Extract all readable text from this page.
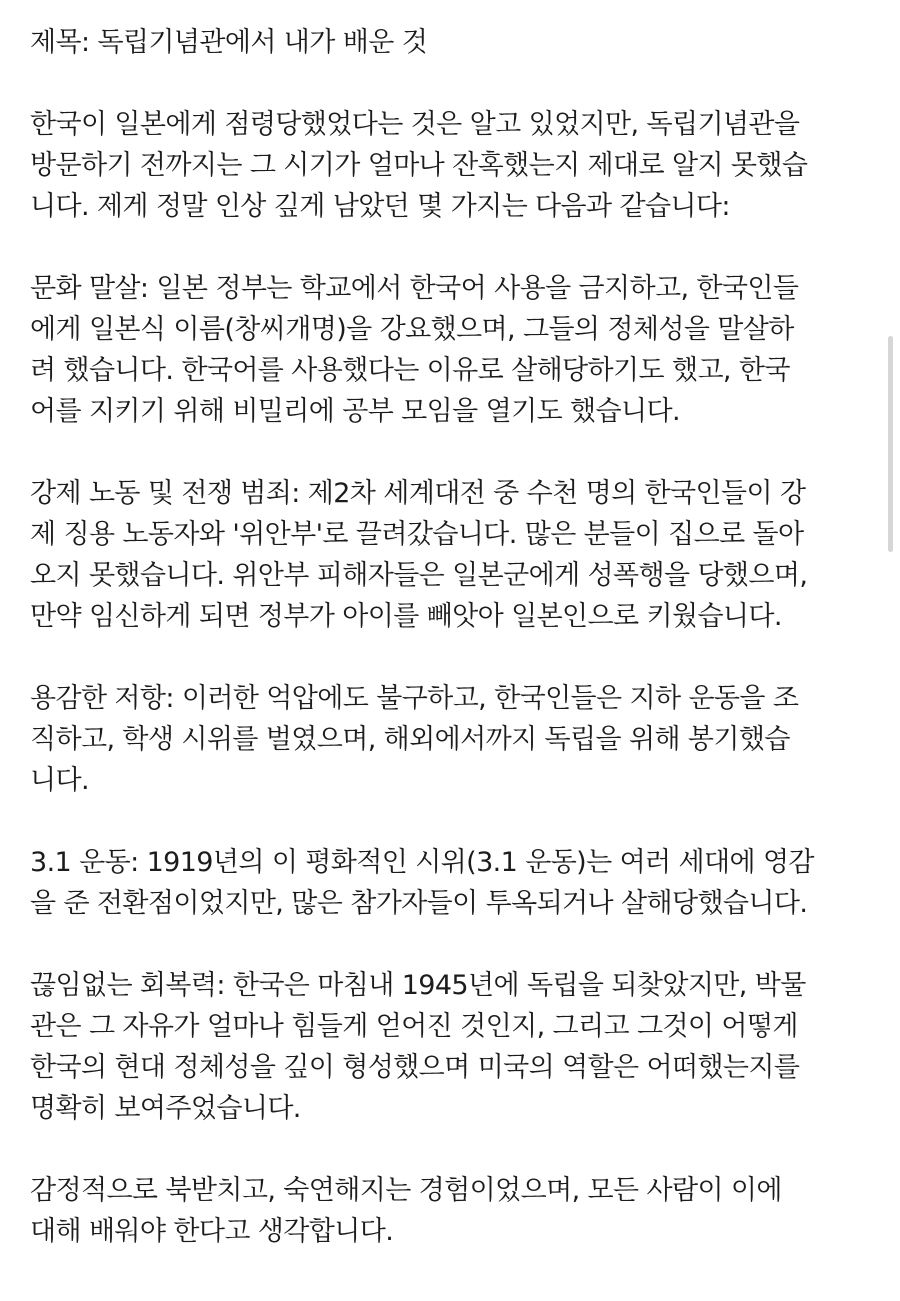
제목: 독립기념관에서 내가 배운 것
한국이 일본에게 점령당했었다는 것은 알고 있었지만, 독립기념관을
방문하기 전까지는 그 시기가 얼마나 잔혹했는지 제대로 알지 못했습
니다. 제게 정말 인상 깊게 남았던 몇 가지는 다음과 같습니다:
문화 말살: 일본 정부는 학교에서 한국어 사용을 금지하고, 한국인들
에게 일본식 이름(창씨개명)을 강요했으며, 그들의 정체성을 말살하
려 했습니다. 한국어를 사용했다는 이유로 살해당하기도 했고, 한국
어를 지키기 위해 비밀리에 공부 모임을 열기도 했습니다.
강제 노동 및 전쟁 범죄: 제2차 세계대전 중 수천 명의 한국인들이 강
제 징용 노동자와 '위안부'로 끌려갔습니다. 많은 분들이 집으로 돌아
오지 못했습니다. 위안부 피해자들은 일본군에게 성폭행을 당했으며,
만약 임신하게 되면 정부가 아이를 빼앗아 일본인으로 키웠습니다.
용감한 저항: 이러한 억압에도 불구하고, 한국인들은 지하 운동을 조
직하고, 학생 시위를 벌였으며, 해외에서까지 독립을 위해 봉기했습
니다.
3.1 운동: 1919년의 이 평화적인 시위(3.1 운동)는 여러 세대에 영감
을 준 전환점이었지만, 많은 참가자들이 투옥되거나 살해당했습니다.
끊임없는 회복력: 한국은 마침내 1945년에 독립을 되찾았지만, 박물
관은 그 자유가 얼마나 힘들게 얻어진 것인지, 그리고 그것이 어떻게
한국의 현대 정체성을 깊이 형성했으며 미국의 역할은 어떠했는지를
명확히 보여주었습니다.
감정적으로 북받치고, 숙연해지는 경험이었으며, 모든 사람이 이에
대해 배워야 한다고 생각합니다.
